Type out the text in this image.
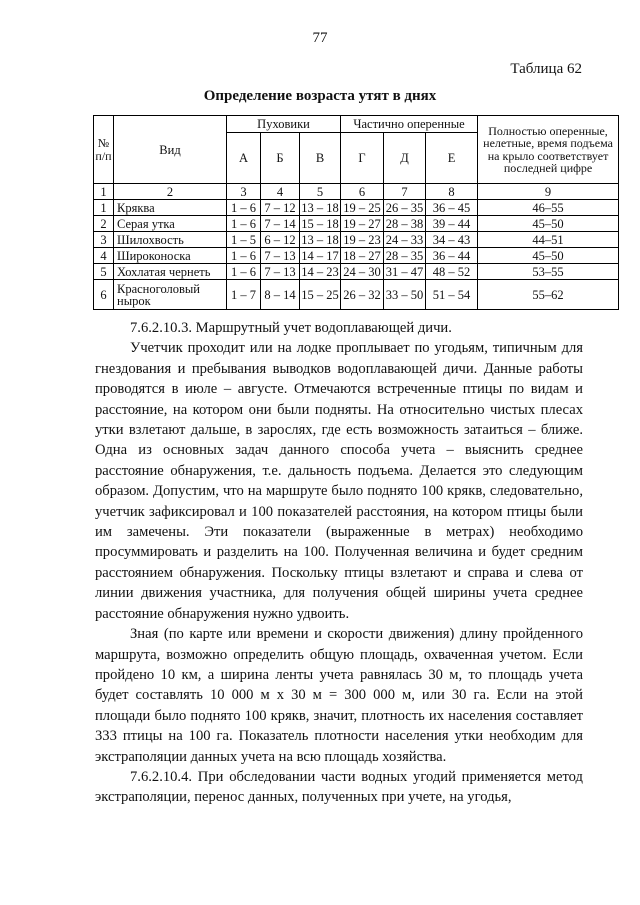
77
Таблица 62
Определение возраста утят в днях
№ п/п	Вид	Пуховики			Частично оперенные			Полностью оперенные, нелетные, время подъема на крыло соответствует последней цифре
		А	Б	В	Г	Д	Е	
1	2	3	4	5	6	7	8	9
1	Кряква	1 – 6	7 – 12	13 – 18	19 – 25	26 – 35	36 – 45	46–55
2	Серая утка	1 – 6	7 – 14	15 – 18	19 – 27	28 – 38	39 – 44	45–50
3	Шилохвость	1 – 5	6 – 12	13 – 18	19 – 23	24 – 33	34 – 43	44–51
4	Широконоска	1 – 6	7 – 13	14 – 17	18 – 27	28 – 35	36 – 44	45–50
5	Хохлатая чернеть	1 – 6	7 – 13	14 – 23	24 – 30	31 – 47	48 – 52	53–55
6	Красноголовый нырок	1 – 7	8 – 14	15 – 25	26 – 32	33 – 50	51 – 54	55–62

7.6.2.10.3. Маршрутный учет водоплавающей дичи.

Учетчик проходит или на лодке проплывает по угодьям, типичным для гнездования и пребывания выводков водоплавающей дичи. Данные работы проводятся в июле – августе. Отмечаются встреченные птицы по видам и расстояние, на котором они были подняты. На относительно чистых плесах утки взлетают дальше, в зарослях, где есть возможность затаиться – ближе. Одна из основных задач данного способа учета – выяснить среднее расстояние обнаружения, т.е. дальность подъема. Делается это следующим образом. Допустим, что на маршруте было поднято 100 крякв, следовательно, учетчик зафиксировал и 100 показателей расстояния, на котором птицы были им замечены. Эти показатели (выраженные в метрах) необходимо просуммировать и разделить на 100. Полученная величина и будет средним расстоянием обнаружения. Поскольку птицы взлетают и справа и слева от линии движения участника, для получения общей ширины учета среднее расстояние обнаружения нужно удвоить.

Зная (по карте или времени и скорости движения) длину пройденного маршрута, возможно определить общую площадь, охваченная учетом. Если пройдено 10 км, а ширина ленты учета равнялась 30 м, то площадь учета будет составлять 10 000 м х 30 м = 300 000 м, или 30 га. Если на этой площади было поднято 100 крякв, значит, плотность их населения составляет 333 птицы на 100 га. Показатель плотности населения утки необходим для экстраполяции данных учета на всю площадь хозяйства.

7.6.2.10.4. При обследовании части водных угодий применяется метод экстраполяции, перенос данных, полученных при учете, на угодья,
